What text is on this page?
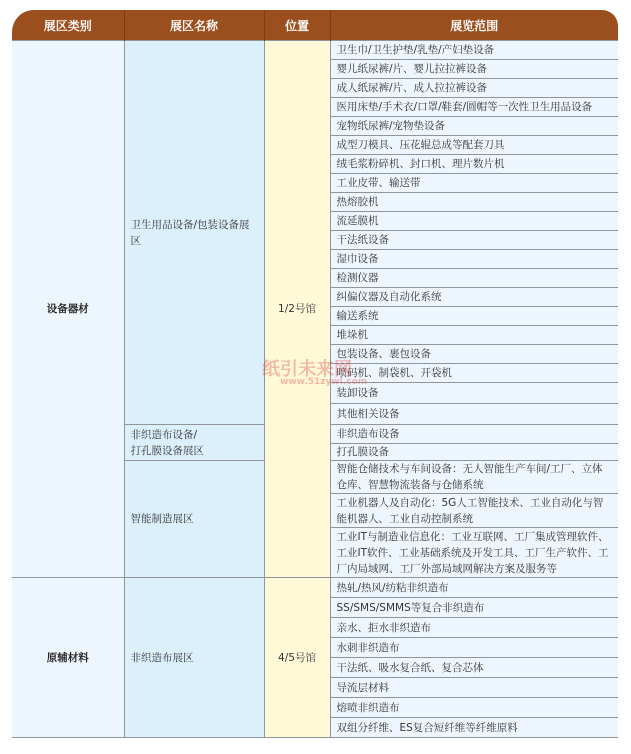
展区类别	展区名称	位置	展览范围
设备器材	卫生用品设备/包装设备展区	1/2号馆	卫生巾/卫生护垫/乳垫/产妇垫设备
			婴儿纸尿裤/片、婴儿拉拉裤设备
			成人纸尿裤/片、成人拉拉裤设备
			医用床垫/手术衣/口罩/鞋套/圆帽等一次性卫生用品设备
			宠物纸尿裤/宠物垫设备
			成型刀模具、压花辊总成等配套刀具
			绒毛浆粉碎机、封口机、理片数片机
			工业皮带、输送带
			热熔胶机
			流延膜机
			干法纸设备
			湿巾设备
			检测仪器
			纠偏仪器及自动化系统
			输送系统
			堆垛机
			包装设备、裹包设备
			喷码机、制袋机、开袋机
			装卸设备
			其他相关设备
	非织造布设备/
打孔膜设备展区		非织造布设备
			打孔膜设备
	智能制造展区		智能仓储技术与车间设备：无人智能生产车间/工厂、立体仓库、智慧物流装备与仓储系统
			工业机器人及自动化：5G人工智能技术、工业自动化与智能机器人、工业自动控制系统
			工业IT与制造业信息化：工业互联网、工厂集成管理软件、工业IT软件、工业基础系统及开发工具、工厂生产软件、工厂内局域网、工厂外部局域网解决方案及服务等
原辅材料	非织造布展区	4/5号馆	热轧/热风/纺粘非织造布
			SS/SMS/SMMS等复合非织造布
			亲水、拒水非织造布
			水刺非织造布
			干法纸、吸水复合纸、复合芯体
			导流层材料
			熔喷非织造布
			双组分纤维、ES复合短纤维等纤维原料
纸引未来网
www.51zywl.com
